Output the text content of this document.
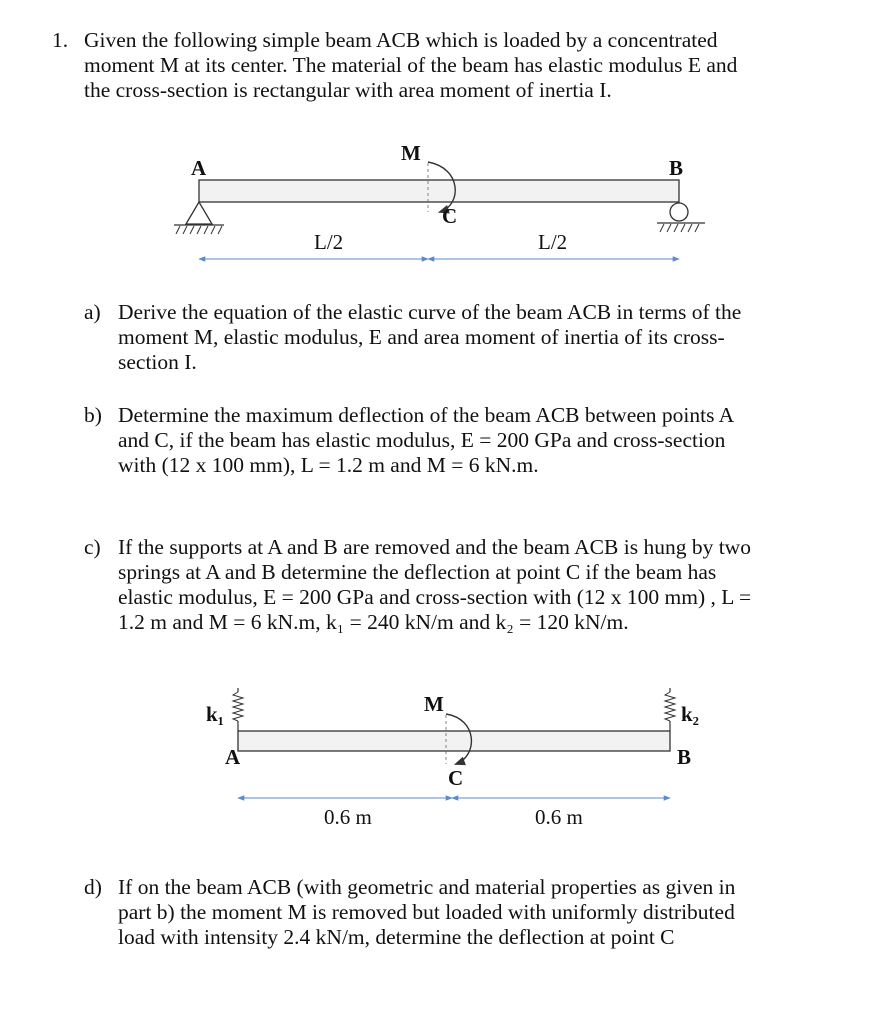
1. Given the following simple beam ACB which is loaded by a concentrated
moment M at its center. The material of the beam has elastic modulus E and
the cross-section is rectangular with area moment of inertia I.
A	B
M
C
L/2	L/2
a) Derive the equation of the elastic curve of the beam ACB in terms of the
moment M, elastic modulus, E and area moment of inertia of its cross-
section I.
b) Determine the maximum deflection of the beam ACB between points A
and C, if the beam has elastic modulus, E = 200 GPa and cross-section
with (12 x 100 mm), L = 1.2 m and M = 6 kN.m.
c) If the supports at A and B are removed and the beam ACB is hung by two
springs at A and B determine the deflection at point C if the beam has
elastic modulus, E = 200 GPa and cross-section with (12 x 100 mm) , L =
1.2 m and M = 6 kN.m, k₁ = 240 kN/m and k₂ = 120 kN/m.
k₁	k₂
A	B
M
C
0.6 m	0.6 m
d) If on the beam ACB (with geometric and material properties as given in
part b) the moment M is removed but loaded with uniformly distributed
load with intensity 2.4 kN/m, determine the deflection at point C
